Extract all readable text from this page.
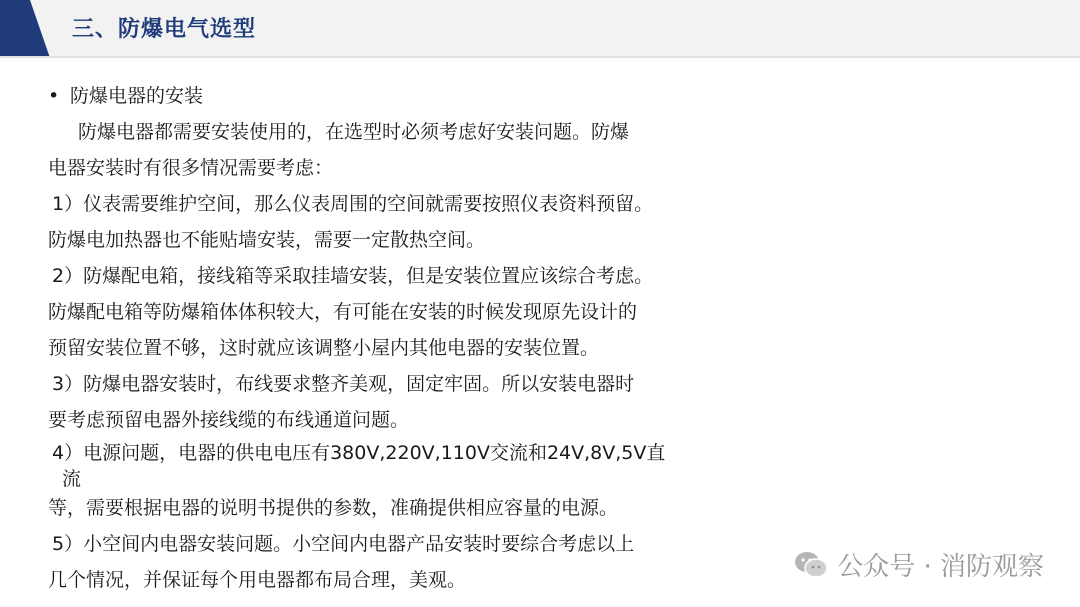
三、防爆电气选型
• 防爆电器的安装
防爆电器都需要安装使用的，在选型时必须考虑好安装问题。防爆
电器安装时有很多情况需要考虑：
1）仪表需要维护空间，那么仪表周围的空间就需要按照仪表资料预留。
防爆电加热器也不能贴墙安装，需要一定散热空间。
2）防爆配电箱，接线箱等采取挂墙安装，但是安装位置应该综合考虑。
防爆配电箱等防爆箱体体积较大，有可能在安装的时候发现原先设计的
预留安装位置不够，这时就应该调整小屋内其他电器的安装位置。
3）防爆电器安装时，布线要求整齐美观，固定牢固。所以安装电器时
要考虑预留电器外接线缆的布线通道问题。
4）电源问题，电器的供电电压有380V,220V,110V交流和24V,8V,5V直
流
等，需要根据电器的说明书提供的参数，准确提供相应容量的电源。
5）小空间内电器安装问题。小空间内电器产品安装时要综合考虑以上
几个情况，并保证每个用电器都布局合理，美观。	公众号 · 消防观察
